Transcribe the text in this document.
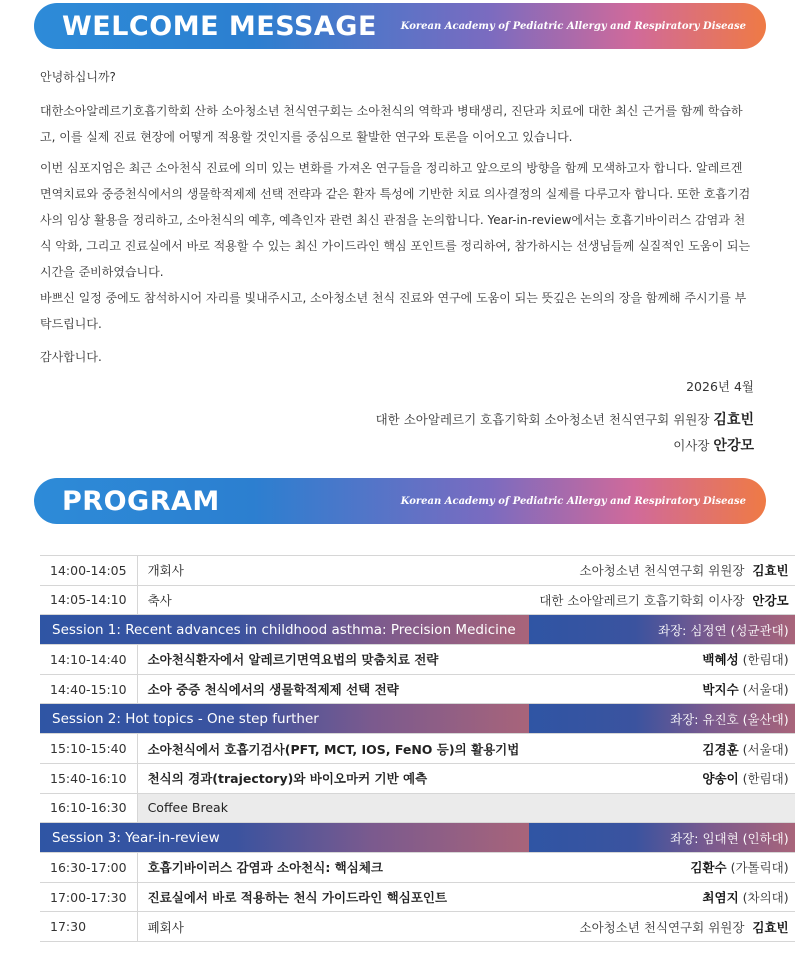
WELCOME MESSAGE Korean Academy of Pediatric Allergy and Respiratory Disease

안녕하십니까?

대한소아알레르기호흡기학회 산하 소아청소년 천식연구회는 소아천식의 역학과 병태생리, 진단과 치료에 대한 최신 근거를 함께 학습하고, 이를 실제 진료 현장에 어떻게 적용할 것인지를 중심으로 활발한 연구와 토론을 이어오고 있습니다.

이번 심포지엄은 최근 소아천식 진료에 의미 있는 변화를 가져온 연구들을 정리하고 앞으로의 방향을 함께 모색하고자 합니다. 알레르겐 면역치료와 중증천식에서의 생물학적제제 선택 전략과 같은 환자 특성에 기반한 치료 의사결정의 실제를 다루고자 합니다. 또한 호흡기검사의 임상 활용을 정리하고, 소아천식의 예후, 예측인자 관련 최신 관점을 논의합니다. Year-in-review에서는 호흡기바이러스 감염과 천식 악화, 그리고 진료실에서 바로 적용할 수 있는 최신 가이드라인 핵심 포인트를 정리하여, 참가하시는 선생님들께 실질적인 도움이 되는 시간을 준비하였습니다.

바쁘신 일정 중에도 참석하시어 자리를 빛내주시고, 소아청소년 천식 진료와 연구에 도움이 되는 뜻깊은 논의의 장을 함께해 주시기를 부탁드립니다.

감사합니다.

2026년 4월
대한 소아알레르기 호흡기학회 소아청소년 천식연구회 위원장 김효빈
이사장 안강모
PROGRAM	Korean Academy of Pediatric Allergy and Respiratory Disease
14:00-14:05	개회사	소아청소년 천식연구회 위원장 김효빈
14:05-14:10	축사	대한 소아알레르기 호흡기학회 이사장 안강모
Session 1: Recent advances in childhood asthma: Precision Medicine		좌장: 심정연 (성균관대)
14:10-14:40	소아천식환자에서 알레르기면역요법의 맞춤치료 전략	백혜성 (한림대)
14:40-15:10	소아 중증 천식에서의 생물학적제제 선택 전략	박지수 (서울대)
Session 2: Hot topics - One step further		좌장: 유진호 (울산대)
15:10-15:40	소아천식에서 호흡기검사(PFT, MCT, IOS, FeNO 등)의 활용기법	김경훈 (서울대)
15:40-16:10	천식의 경과(trajectory)와 바이오마커 기반 예측	양송이 (한림대)
16:10-16:30	Coffee Break	
Session 3: Year-in-review		좌장: 임대현 (인하대)
16:30-17:00	호흡기바이러스 감염과 소아천식: 핵심체크	김환수 (가톨릭대)
17:00-17:30	진료실에서 바로 적용하는 천식 가이드라인 핵심포인트	최염지 (차의대)
17:30	폐회사	소아청소년 천식연구회 위원장 김효빈
